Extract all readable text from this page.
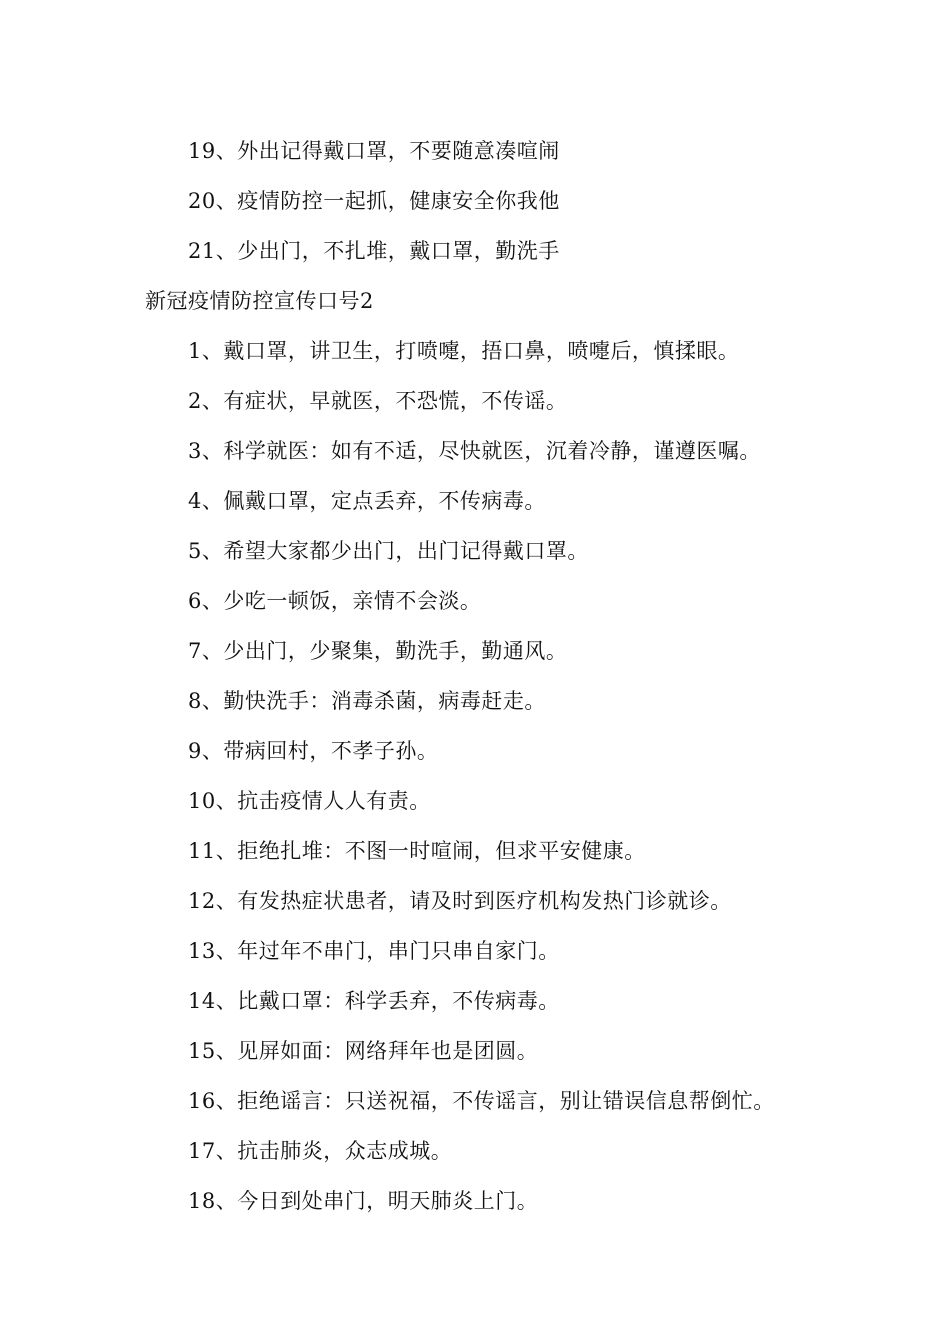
19、外出记得戴口罩，不要随意凑喧闹
20、疫情防控一起抓，健康安全你我他
21、少出门，不扎堆，戴口罩，勤洗手
新冠疫情防控宣传口号2
1、戴口罩，讲卫生，打喷嚏，捂口鼻，喷嚏后，慎揉眼。
2、有症状，早就医，不恐慌，不传谣。
3、科学就医：如有不适，尽快就医，沉着冷静，谨遵医嘱。
4、佩戴口罩，定点丢弃，不传病毒。
5、希望大家都少出门，出门记得戴口罩。
6、少吃一顿饭，亲情不会淡。
7、少出门，少聚集，勤洗手，勤通风。
8、勤快洗手：消毒杀菌，病毒赶走。
9、带病回村，不孝子孙。
10、抗击疫情人人有责。
11、拒绝扎堆：不图一时喧闹，但求平安健康。
12、有发热症状患者，请及时到医疗机构发热门诊就诊。
13、年过年不串门，串门只串自家门。
14、比戴口罩：科学丢弃，不传病毒。
15、见屏如面：网络拜年也是团圆。
16、拒绝谣言：只送祝福，不传谣言，别让错误信息帮倒忙。
17、抗击肺炎，众志成城。
18、今日到处串门，明天肺炎上门。
